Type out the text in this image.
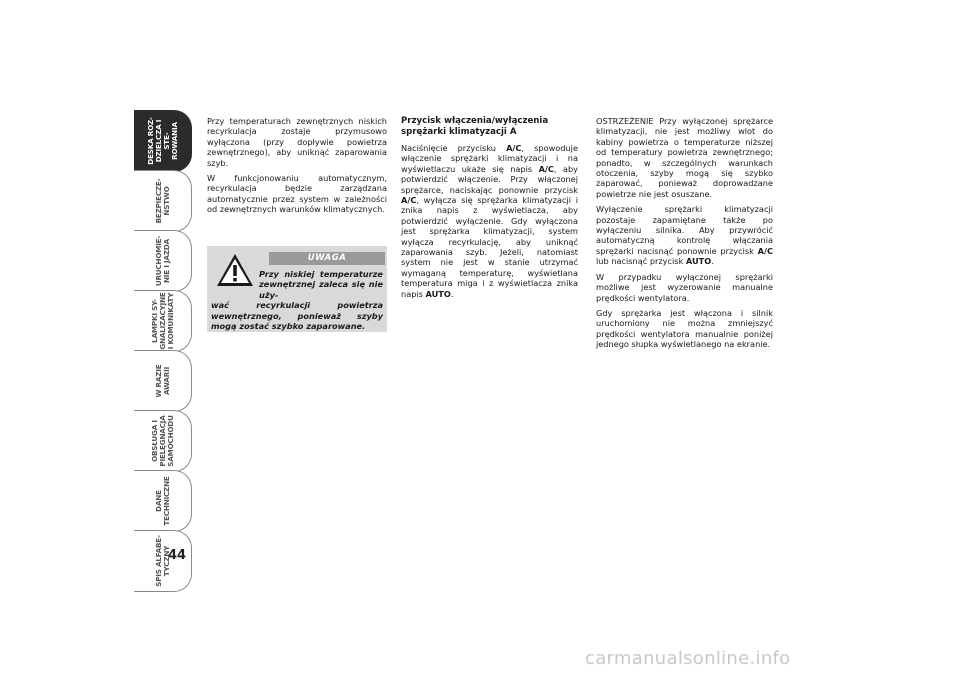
DESKA ROZ-
DZIELCZA I STE-
ROWANIA
BEZPIECZE-
ŃSTWO
URUCHOMIE-
NIE I JAZDA
LAMPKI SY-
GNALIZACYJNE
I KOMUNIKATY
W RAZIE
AWARII
OBSŁUGA I
PIELĘGNACJA
SAMOCHODU
DANE
TECHNICZNE
SPIS ALFABE-
TYCZNY
44

Przy temperaturach zewnętrznych niskich recyrkulacja zostaje przymusowo wyłączona (przy dopływie powietrza zewnętrznego), aby uniknąć zaparowania szyb.

W funkcjonowaniu automatycznym, recyrkulacja będzie zarządzana automatycznie przez system w zależności od zewnętrznych warunków klimatycznych.

UWAGA
Przy niskiej temperaturze zewnętrznej zaleca się nie uży-
wać recyrkulacji powietrza wewnętrznego, ponieważ szyby mogą zostać szybko zaparowane.

Przycisk włączenia/wyłączenia sprężarki klimatyzacji A

Naciśnięcie przycisku A/C, spowoduje włączenie sprężarki klimatyzacji i na wyświetlaczu ukaże się napis A/C, aby potwierdzić włączenie. Przy włączonej sprężarce, naciskając ponownie przycisk A/C, wyłącza się sprężarka klimatyzacji i znika napis z wyświetlacza, aby potwierdzić wyłączenie. Gdy wyłączona jest sprężarka klimatyzacji, system wyłącza recyrkulację, aby uniknąć zaparowania szyb. Jeżeli, natomiast system nie jest w stanie utrzymać wymaganą temperaturę, wyświetlana temperatura miga i z wyświetlacza znika napis AUTO.

OSTRZEŻENIE Przy wyłączonej sprężarce klimatyzacji, nie jest możliwy wlot do kabiny powietrza o temperaturze niższej od temperatury powietrza zewnętrznego; ponadto, w szczególnych warunkach otoczenia, szyby mogą się szybko zaparować, ponieważ doprowadzane powietrze nie jest osuszane.

Wyłączenie sprężarki klimatyzacji pozostaje zapamiętane także po wyłączeniu silnika. Aby przywrócić automatyczną kontrolę włączania sprężarki nacisnąć ponownie przycisk A/C lub nacisnąć przycisk AUTO.

W przypadku wyłączonej sprężarki możliwe jest wyzerowanie manualne prędkości wentylatora.

Gdy sprężarka jest włączona i silnik uruchomiony nie można zmniejszyć prędkości wentylatora manualnie poniżej jednego słupka wyświetlanego na ekranie.

carmanualsonline.info
